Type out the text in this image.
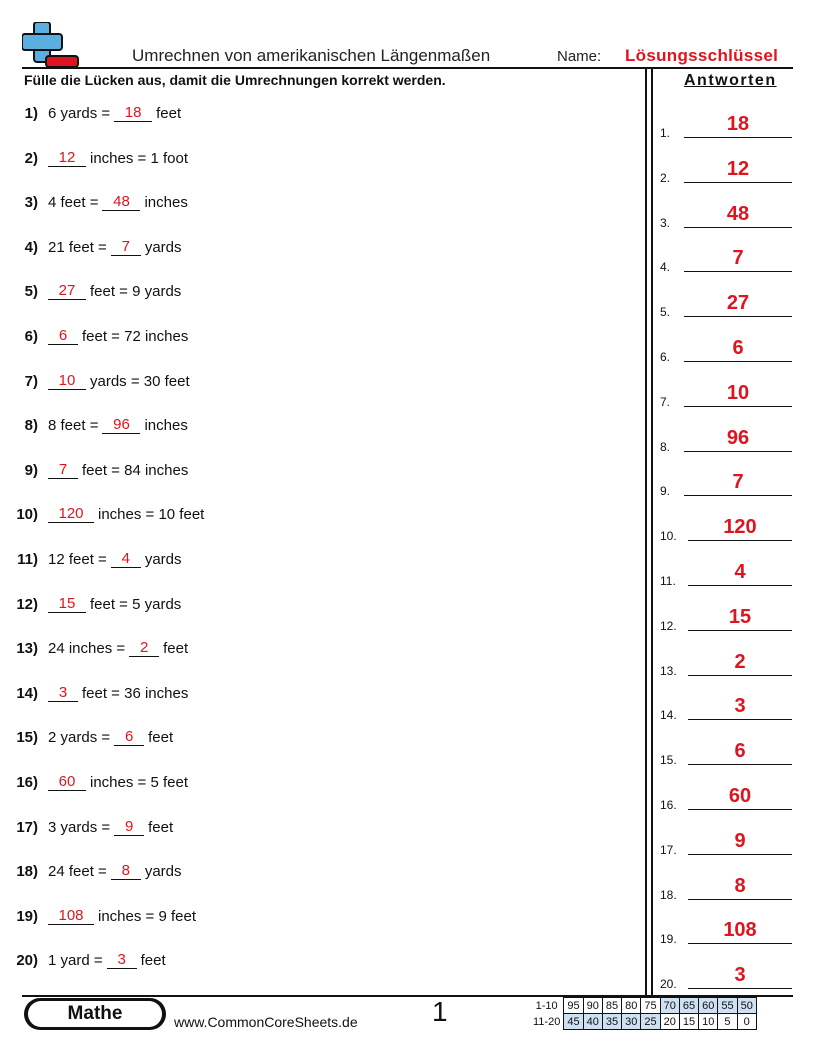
Umrechnen von amerikanischen Längenmaßen	Name: Lösungsschlüssel
Fülle die Lücken aus, damit die Umrechnungen korrekt werden.	Antworten
1) 6 yards = 18 feet
2)	12 inches = 1 foot
3) 4 feet = 48 inches
4) 21 feet = 7 yards
5)	27 feet = 9 yards
6)	6 feet = 72 inches
7)	10 yards = 30 feet
8) 8 feet = 96 inches
9)	7 feet = 84 inches
10)	120 inches = 10 feet
11) 12 feet = 4 yards
12)	15 feet = 5 yards
13) 24 inches = 2 feet
14)	3 feet = 36 inches
15) 2 yards = 6 feet
16)	60 inches = 5 feet
17) 3 yards = 9 feet
18) 24 feet = 8 yards
19)	108 inches = 9 feet
20) 1 yard = 3 feet
1.	18
2.	12
3.	48
4.	7
5.	27
6.	6
7.	10
8.	96
9.	7
10.	120
11.	4
12.	15
13.	2
14.	3
15.	6
16.	60
17.	9
18.	8
19.	108
20.	3
Mathe	www.CommonCoreSheets.de	1	1-10	95	90	85	80	75	70	65	60	55	50
11-20	45	40	35	30	25	20	15	10	5	0
